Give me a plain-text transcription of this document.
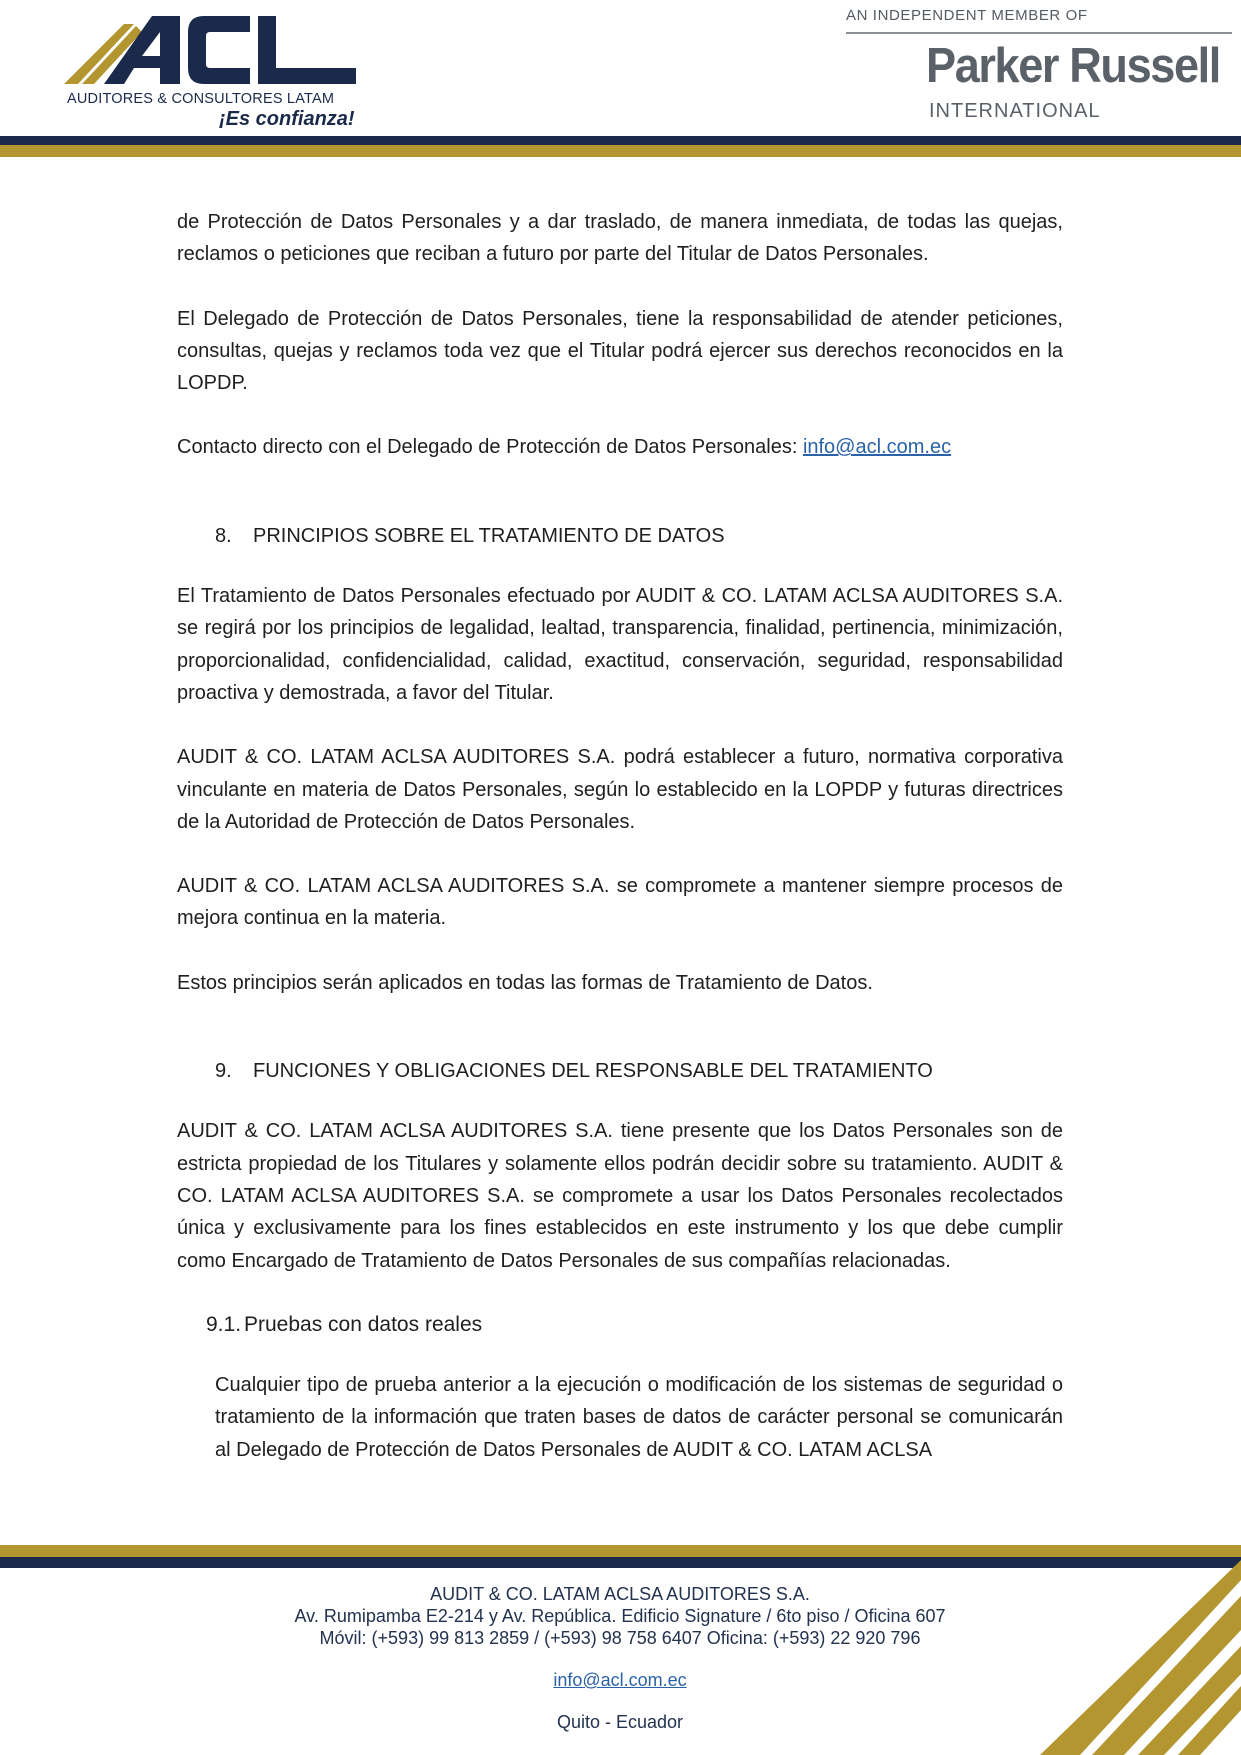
AUDITORES & CONSULTORES LATAM
¡Es confianza!
AN INDEPENDENT MEMBER OF
Parker Russell
INTERNATIONAL

de Protección de Datos Personales y a dar traslado, de manera inmediata, de todas las quejas, reclamos o peticiones que reciban a futuro por parte del Titular de Datos Personales.

El Delegado de Protección de Datos Personales, tiene la responsabilidad de atender peticiones, consultas, quejas y reclamos toda vez que el Titular podrá ejercer sus derechos reconocidos en la LOPDP.

Contacto directo con el Delegado de Protección de Datos Personales: info@acl.com.ec

8. PRINCIPIOS SOBRE EL TRATAMIENTO DE DATOS

El Tratamiento de Datos Personales efectuado por AUDIT & CO. LATAM ACLSA AUDITORES S.A. se regirá por los principios de legalidad, lealtad, transparencia, finalidad, pertinencia, minimización, proporcionalidad, confidencialidad, calidad, exactitud, conservación, seguridad, responsabilidad proactiva y demostrada, a favor del Titular.

AUDIT & CO. LATAM ACLSA AUDITORES S.A. podrá establecer a futuro, normativa corporativa vinculante en materia de Datos Personales, según lo establecido en la LOPDP y futuras directrices de la Autoridad de Protección de Datos Personales.

AUDIT & CO. LATAM ACLSA AUDITORES S.A. se compromete a mantener siempre procesos de mejora continua en la materia.

Estos principios serán aplicados en todas las formas de Tratamiento de Datos.

9. FUNCIONES Y OBLIGACIONES DEL RESPONSABLE DEL TRATAMIENTO

AUDIT & CO. LATAM ACLSA AUDITORES S.A. tiene presente que los Datos Personales son de estricta propiedad de los Titulares y solamente ellos podrán decidir sobre su tratamiento. AUDIT & CO. LATAM ACLSA AUDITORES S.A. se compromete a usar los Datos Personales recolectados única y exclusivamente para los fines establecidos en este instrumento y los que debe cumplir como Encargado de Tratamiento de Datos Personales de sus compañías relacionadas.

9.1. Pruebas con datos reales

Cualquier tipo de prueba anterior a la ejecución o modificación de los sistemas de seguridad o tratamiento de la información que traten bases de datos de carácter personal se comunicarán al Delegado de Protección de Datos Personales de AUDIT & CO. LATAM ACLSA

AUDIT & CO. LATAM ACLSA AUDITORES S.A.
Av. Rumipamba E2-214 y Av. República. Edificio Signature / 6to piso / Oficina 607
Móvil: (+593) 99 813 2859 / (+593) 98 758 6407 Oficina: (+593) 22 920 796
info@acl.com.ec
Quito - Ecuador
